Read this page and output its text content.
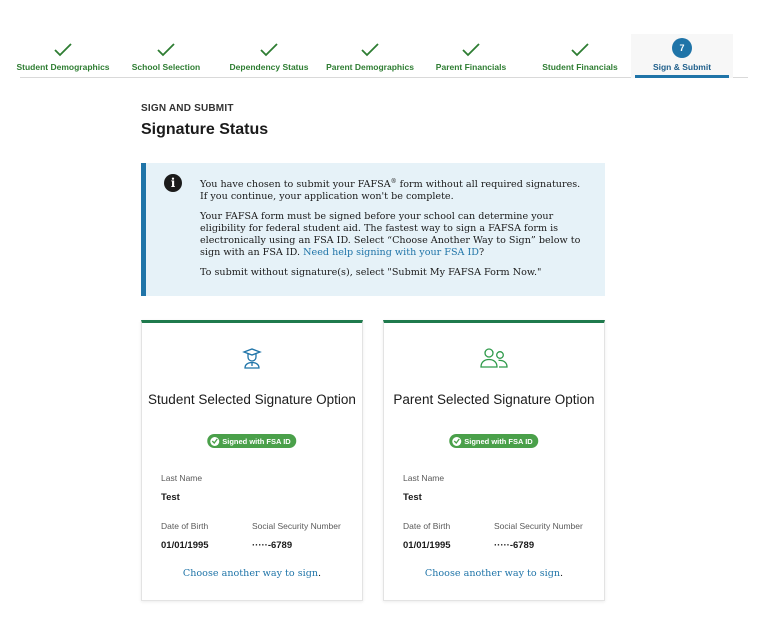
Student Demographics	School Selection	Dependency Status Parent Demographics	Parent Financials	Student Financials
7
Sign & Submit
SIGN AND SUBMIT
Signature Status
i	You have chosen to submit your FAFSA® form without all required signatures. If you continue, your application won't be complete.

Your FAFSA form must be signed before your school can determine your eligibility for federal student aid. The fastest way to sign a FAFSA form is electronically using an FSA ID. Select “Choose Another Way to Sign” below to sign with an FSA ID. Need help signing with your FSA ID?

To submit without signature(s), select "Submit My FAFSA Form Now."

Student Selected Signature Option
Signed with FSA ID
Last Name
Test
Date of Birth
01/01/1995
Social Security Number
·····-6789
Choose another way to sign.
Parent Selected Signature Option
Signed with FSA ID
Last Name
Test
Date of Birth
01/01/1995
Social Security Number
·····-6789
Choose another way to sign.
